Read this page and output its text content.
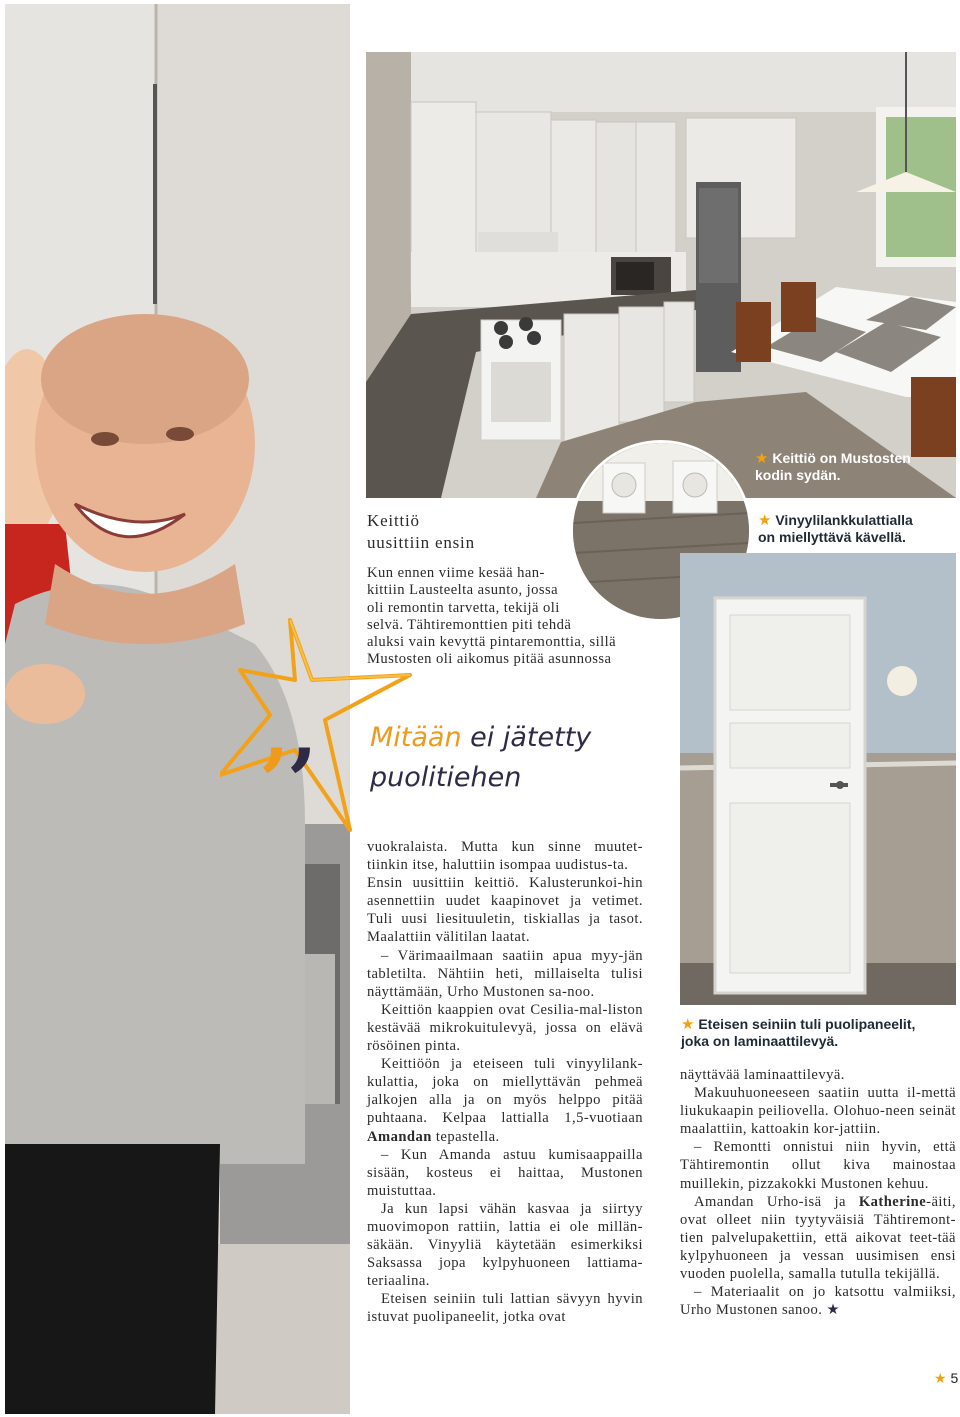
★ Keittiö on Mustosten
kodin sydän.
★ Vinyylilankkulattialla
on miellyttävä kävellä.
★ Eteisen seiniin tuli puolipaneelit,
joka on laminaattilevyä.
Keittiö
uusittiin ensin
Kun ennen viime kesää han-
kittiin Lausteelta asunto, jossa
oli remontin tarvetta, tekijä oli
selvä. Tähtiremonttien piti tehdä
aluksi vain kevyttä pintaremonttia, sillä
Mustosten oli aikomus pitää asunnossa
,, Mitään ei jätetty
puolitiehen

vuokralaista. Mutta kun sinne muutet-tiinkin itse, haluttiin isompaa uudistus-ta.

Ensin uusittiin keittiö. Kalusterunkoi-hin asennettiin uudet kaapinovet ja vetimet. Tuli uusi liesituuletin, tiskiallas ja tasot. Maalattiin välitilan laatat.

– Värimaailmaan saatiin apua myy-jän tabletilta. Nähtiin heti, millaiselta tulisi näyttämään, Urho Mustonen sa-noo.

Keittiön kaappien ovat Cesilia-mal-liston kestävää mikrokuitulevyä, jossa on elävä rösöinen pinta.

Keittiöön ja eteiseen tuli vinyylilank-kulattia, joka on miellyttävän pehmeä jalkojen alla ja on myös helppo pitää puhtaana. Kelpaa lattialla 1,5-vuotiaan Amandan tepastella.

– Kun Amanda astuu kumisaappailla sisään, kosteus ei haittaa, Mustonen muistuttaa.

Ja kun lapsi vähän kasvaa ja siirtyy muovimopon rattiin, lattia ei ole millän-säkään. Vinyyliä käytetään esimerkiksi Saksassa jopa kylpyhuoneen lattiama-teriaalina.

Eteisen seiniin tuli lattian sävyyn hyvin istuvat puolipaneelit, jotka ovat

näyttävää laminaattilevyä.

Makuuhuoneeseen saatiin uutta il-mettä liukukaapin peiliovella. Olohuo-neen seinät maalattiin, kattoakin kor-jattiin.

– Remontti onnistui niin hyvin, että Tähtiremontin ollut kiva mainostaa muillekin, pizzakokki Mustonen kehuu.

Amandan Urho-isä ja Katherine-äiti, ovat olleet niin tyytyväisiä Tähtiremont-tien palvelupakettiin, että aikovat teet-tää kylpyhuoneen ja vessan uusimisen ensi vuoden puolella, samalla tutulla tekijällä.

– Materiaalit on jo katsottu valmiiksi, Urho Mustonen sanoo. ★

★ 5
